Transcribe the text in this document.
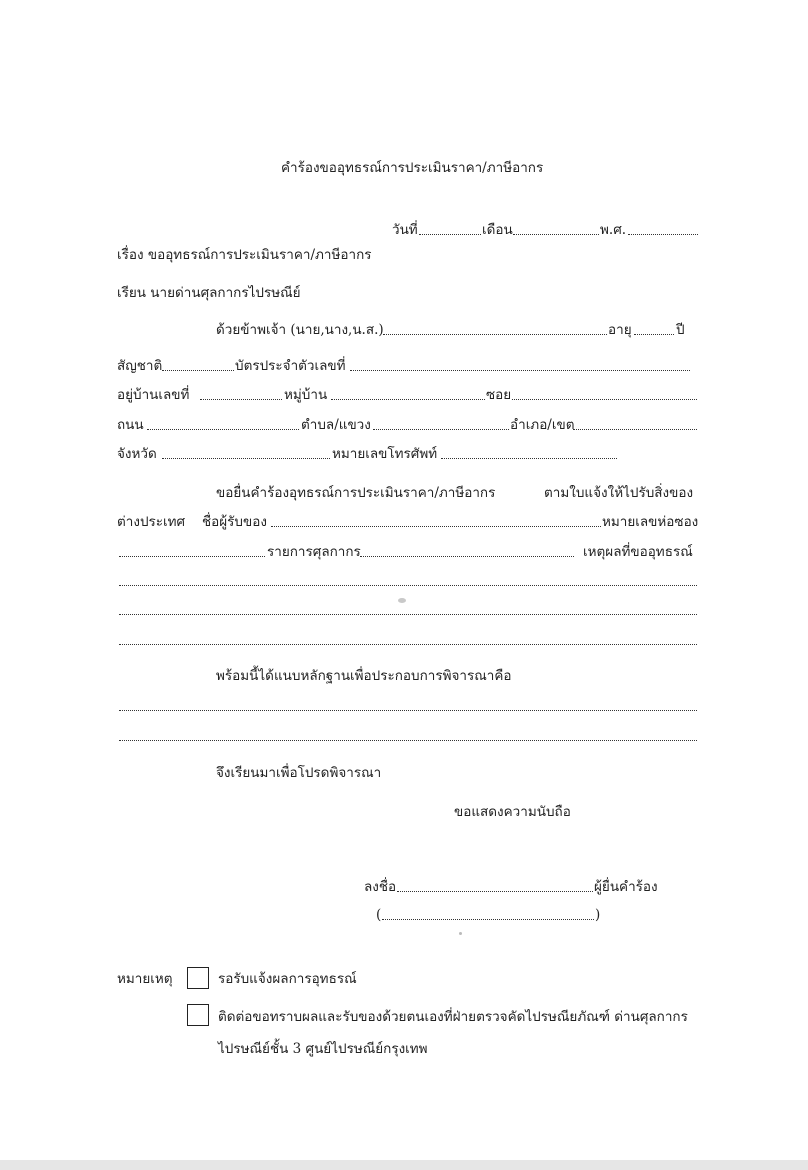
คำร้องขออุทธรณ์การประเมินราคา/ภาษีอากร
วันที่	เดือน	พ.ศ.
เรื่อง ขออุทธรณ์การประเมินราคา/ภาษีอากร
เรียน นายด่านศุลกากรไปรษณีย์
ด้วยข้าพเจ้า (นาย,นาง,น.ส.)	อายุ	ปี
สัญชาติ	บัตรประจำตัวเลขที่
อยู่บ้านเลขที่	หมู่บ้าน	ซอย
ถนน	ตำบล/แขวง	อำเภอ/เขต
จังหวัด	หมายเลขโทรศัพท์
ขอยื่นคำร้องอุทธรณ์การประเมินราคา/ภาษีอากร	ตามใบแจ้งให้ไปรับสิ่งของ
ต่างประเทศ ชื่อผู้รับของ	หมายเลขห่อซอง
รายการศุลกากร	เหตุผลที่ขออุทธรณ์
พร้อมนี้ได้แนบหลักฐานเพื่อประกอบการพิจารณาคือ
จึงเรียนมาเพื่อโปรดพิจารณา
ขอแสดงความนับถือ
ลงชื่อ	ผู้ยื่นคำร้อง
(	)
หมายเหตุ	รอรับแจ้งผลการอุทธรณ์
ติดต่อขอทราบผลและรับของด้วยตนเองที่ฝ่ายตรวจคัดไปรษณียภัณฑ์ ด่านศุลกากร
ไปรษณีย์ชั้น 3 ศูนย์ไปรษณีย์กรุงเทพ
